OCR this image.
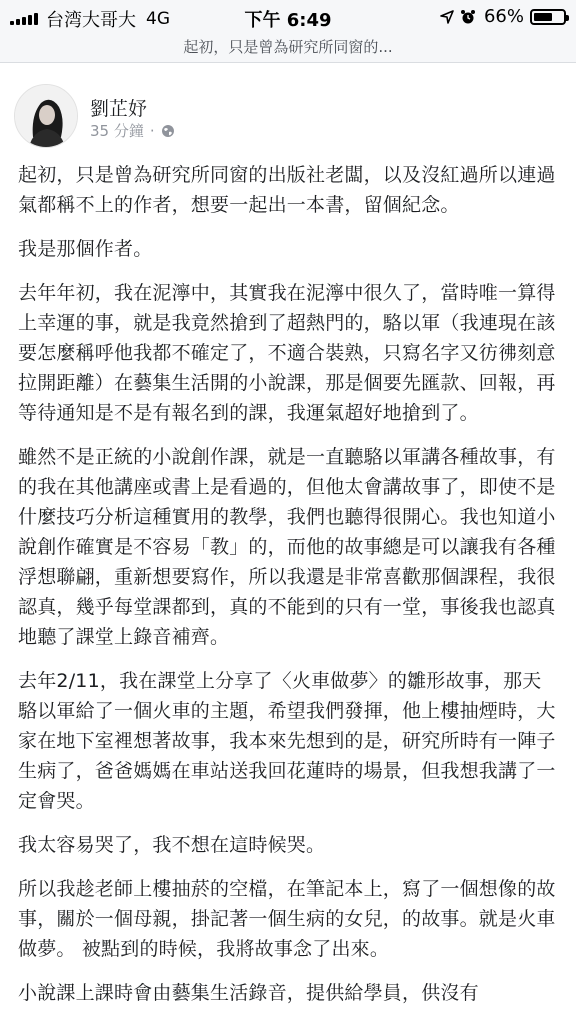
台湾大哥大 4G	下午 6:49	66%
起初，只是曾為研究所同窗的...
劉芷妤
35 分鐘 ·

起初，只是曾為研究所同窗的出版社老闆，以及沒紅過所以連過氣都稱不上的作者，想要一起出一本書，留個紀念。

我是那個作者。

去年年初，我在泥濘中，其實我在泥濘中很久了，當時唯一算得上幸運的事，就是我竟然搶到了超熱門的，駱以軍（我連現在該要怎麼稱呼他我都不確定了，不適合裝熟，只寫名字又彷彿刻意拉開距離）在藝集生活開的小說課，那是個要先匯款、回報，再等待通知是不是有報名到的課，我運氣超好地搶到了。

雖然不是正統的小說創作課，就是一直聽駱以軍講各種故事，有的我在其他講座或書上是看過的，但他太會講故事了，即使不是什麼技巧分析這種實用的教學，我們也聽得很開心。我也知道小說創作確實是不容易「教」的，而他的故事總是可以讓我有各種浮想聯翩，重新想要寫作，所以我還是非常喜歡那個課程，我很認真，幾乎每堂課都到，真的不能到的只有一堂，事後我也認真地聽了課堂上錄音補齊。

去年2/11，我在課堂上分享了〈火車做夢〉的雛形故事，那天駱以軍給了一個火車的主題，希望我們發揮，他上樓抽煙時，大家在地下室裡想著故事，我本來先想到的是，研究所時有一陣子生病了，爸爸媽媽在車站送我回花蓮時的場景，但我想我講了一定會哭。

我太容易哭了，我不想在這時候哭。

所以我趁老師上樓抽菸的空檔，在筆記本上，寫了一個想像的故事，關於一個母親，掛記著一個生病的女兒，的故事。就是火車做夢。 被點到的時候，我將故事念了出來。

小說課上課時會由藝集生活錄音，提供給學員，供沒有
